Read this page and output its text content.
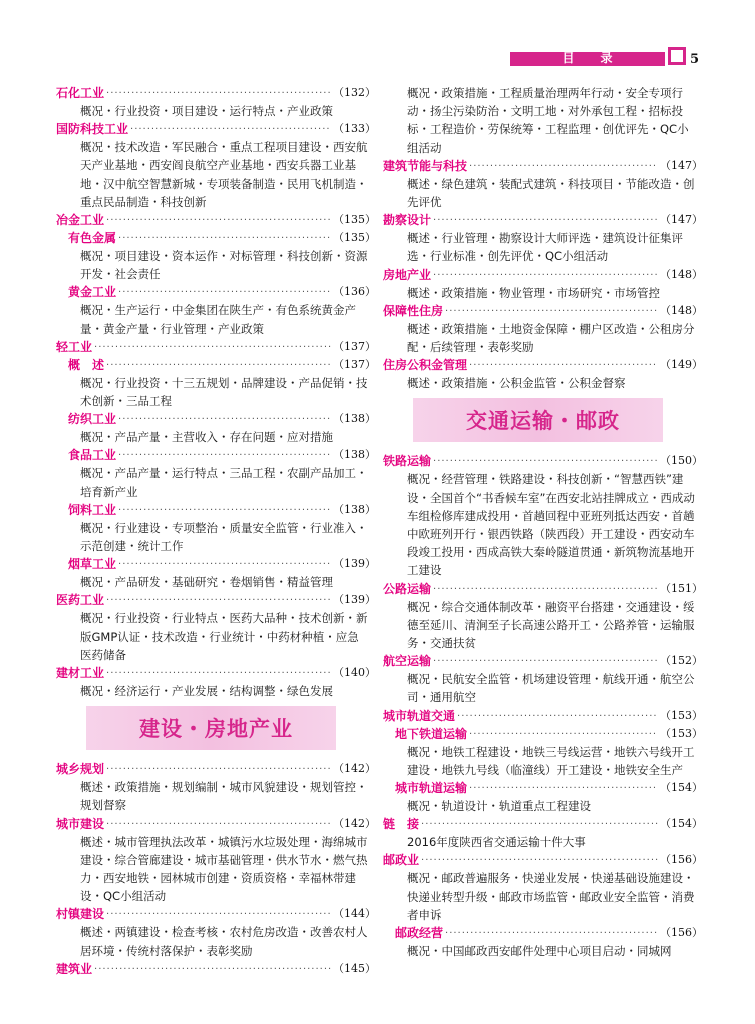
目 录	5
石化工业 ·····	（132）
概况・行业投资・项目建设・运行特点・产业政策
国防科技工业 ·····	（133）
概况・技术改造・军民融合・重点工程项目建设・西安航天产业基地・西安阎良航空产业基地・西安兵器工业基地・汉中航空智慧新城・专项装备制造・民用飞机制造・重点民品制造・科技创新
冶金工业 ·····	（135）
有色金属 ·····	（135）
概况・项目建设・资本运作・对标管理・科技创新・资源开发・社会责任
黄金工业 ·····	（136）
概况・生产运行・中金集团在陕生产・有色系统黄金产量・黄金产量・行业管理・产业政策
轻工业 ·····	（137）
概　述 ·····	（137）
概况・行业投资・十三五规划・品牌建设・产品促销・技术创新・三品工程
纺织工业 ·····	（138）
概况・产品产量・主营收入・存在问题・应对措施
食品工业 ·····	（138）
概况・产品产量・运行特点・三品工程・农副产品加工・培育新产业
饲料工业 ·····	（138）
概况・行业建设・专项整治・质量安全监管・行业准入・示范创建・统计工作
烟草工业 ·····	（139）
概况・产品研发・基础研究・卷烟销售・精益管理
医药工业 ·····	（139）
概况・行业投资・行业特点・医药大品种・技术创新・新版GMP认证・技术改造・行业统计・中药材种植・应急医药储备
建材工业 ·····	（140）
概况・经济运行・产业发展・结构调整・绿色发展
建设・房地产业
城乡规划 ·····	（142）
概述・政策措施・规划编制・城市风貌建设・规划管控・规划督察
城市建设 ·····	（142）
概述・城市管理执法改革・城镇污水垃圾处理・海绵城市建设・综合管廊建设・城市基础管理・供水节水・燃气热力・西安地铁・园林城市创建・资质资格・幸福林带建设・QC小组活动
村镇建设 ·····	（144）
概述・两镇建设・检查考核・农村危房改造・改善农村人居环境・传统村落保护・表彰奖励
建筑业 ·····	（145）
概况・政策措施・工程质量治理两年行动・安全专项行动・扬尘污染防治・文明工地・对外承包工程・招标投标・工程造价・劳保统筹・工程监理・创优评先・QC小组活动
建筑节能与科技 ·····	（147）
概述・绿色建筑・装配式建筑・科技项目・节能改造・创先评优
勘察设计 ·····	（147）
概述・行业管理・勘察设计大师评选・建筑设计征集评选・行业标准・创先评优・QC小组活动
房地产业 ·····	（148）
概述・政策措施・物业管理・市场研究・市场管控
保障性住房 ·····	（148）
概述・政策措施・土地资金保障・棚户区改造・公租房分配・后续管理・表彰奖励
住房公积金管理 ·····	（149）
概述・政策措施・公积金监管・公积金督察
交通运输・邮政
铁路运输 ·····	（150）
概况・经营管理・铁路建设・科技创新・“智慧西铁”建设・全国首个“书香候车室”在西安北站挂牌成立・西成动车组检修库建成投用・首趟回程中亚班列抵达西安・首趟中欧班列开行・银西铁路（陕西段）开工建设・西安动车段竣工投用・西成高铁大秦岭隧道贯通・新筑物流基地开工建设
公路运输 ·····	（151）
概况・综合交通体制改革・融资平台搭建・交通建设・绥德至延川、清涧至子长高速公路开工・公路养管・运输服务・交通扶贫
航空运输 ·····	（152）
概况・民航安全监管・机场建设管理・航线开通・航空公司・通用航空
城市轨道交通 ·····	（153）
地下铁道运输 ·····	（153）
概况・地铁工程建设・地铁三号线运营・地铁六号线开工建设・地铁九号线（临潼线）开工建设・地铁安全生产
城市轨道运输 ·····	（154）
概况・轨道设计・轨道重点工程建设
链　接 ·····	（154）
2016年度陕西省交通运输十件大事
邮政业 ·····	（156）
概况・邮政普遍服务・快递业发展・快递基础设施建设・快递业转型升级・邮政市场监管・邮政业安全监管・消费者申诉
邮政经营 ·····	（156）
概况・中国邮政西安邮件处理中心项目启动・同城网
